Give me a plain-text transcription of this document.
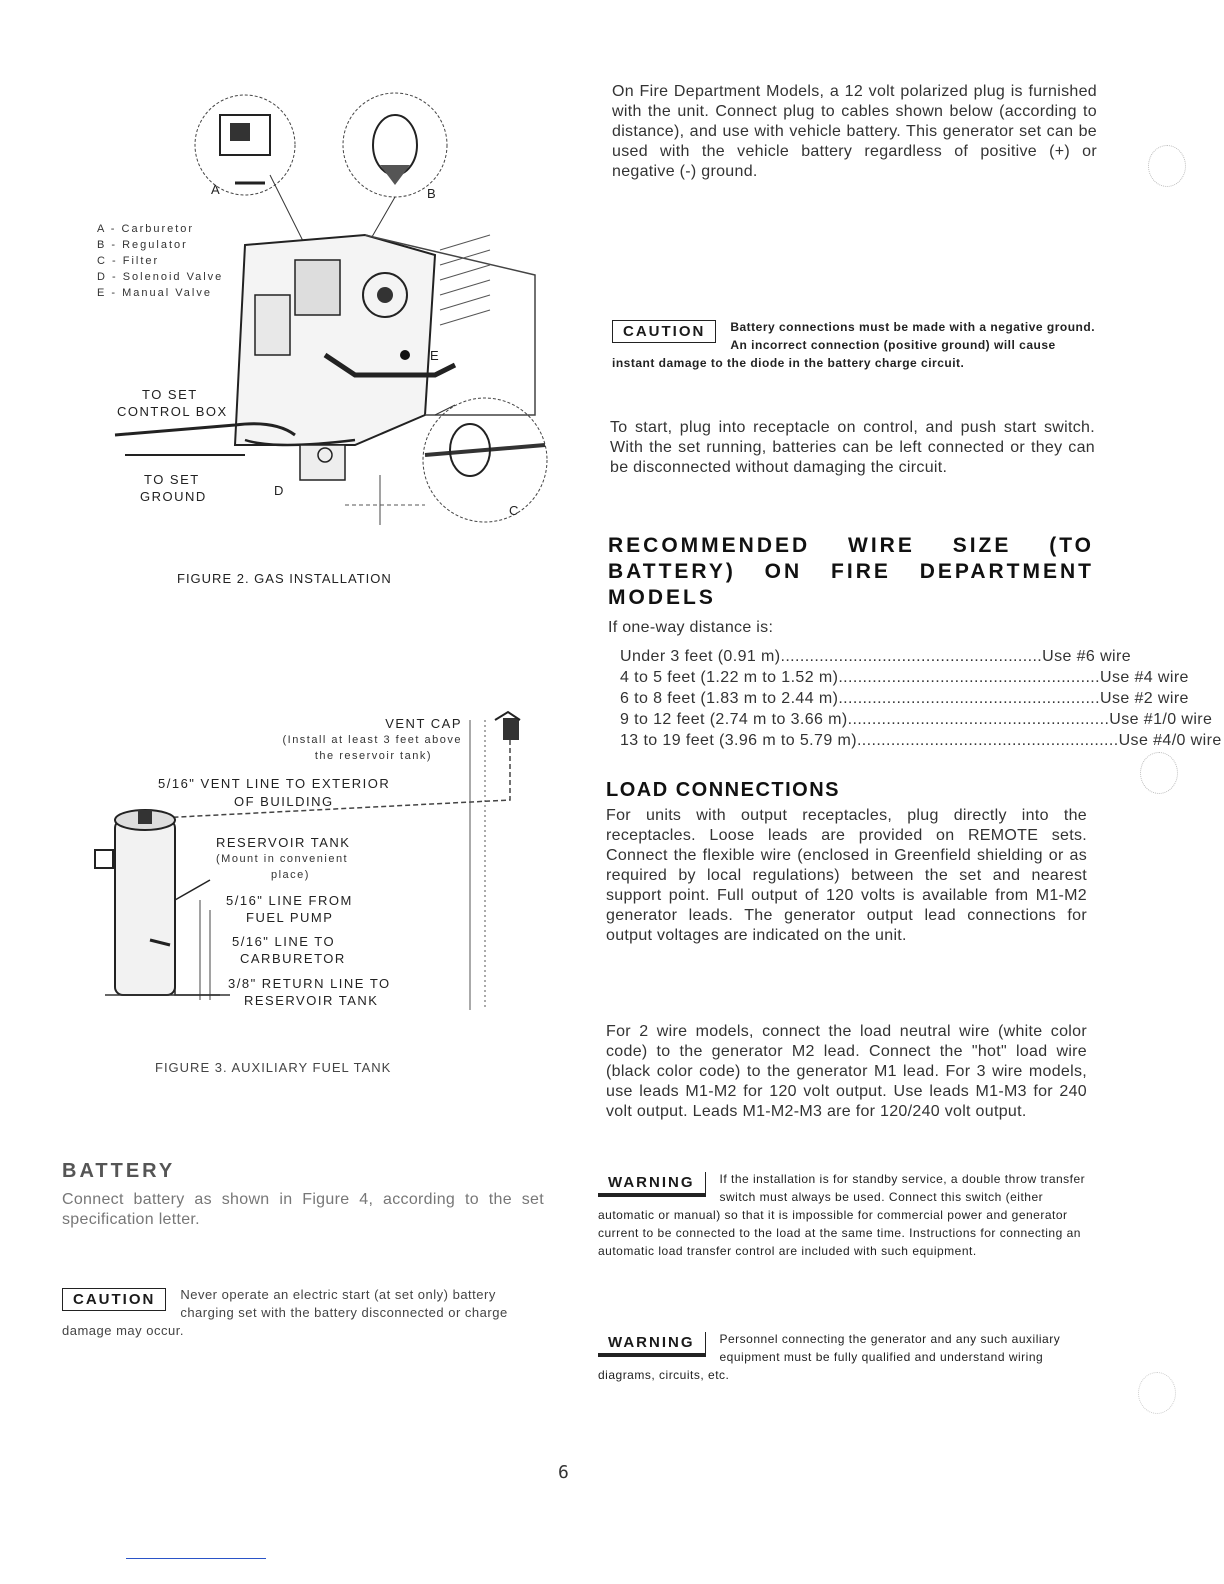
A - Carburetor
B - Regulator
C - Filter
D - Solenoid Valve
E - Manual Valve
A	B
E
D
C
TO SET
CONTROL BOX
TO SET
GROUND
FIGURE 2. GAS INSTALLATION
VENT CAP
(Install at least 3 feet above
the reservoir tank)
5/16" VENT LINE TO EXTERIOR
OF BUILDING
RESERVOIR TANK
(Mount in convenient
place)
5/16" LINE FROM
FUEL PUMP
5/16" LINE TO
CARBURETOR
3/8" RETURN LINE TO
RESERVOIR TANK
FIGURE 3. AUXILIARY FUEL TANK
BATTERY
Connect battery as shown in Figure 4, according to the set specification letter.
CAUTION	Never operate an electric start (at set only) battery charging set with the battery disconnected or charge damage may occur.
On Fire Department Models, a 12 volt polarized plug is furnished with the unit. Connect plug to cables shown below (according to distance), and use with vehicle battery. This generator set can be used with the vehicle battery regardless of positive (+) or negative (-) ground.
CAUTION	Battery connections must be made with a negative ground. An incorrect connection (positive ground) will cause instant damage to the diode in the battery charge circuit.
To start, plug into receptacle on control, and push start switch. With the set running, batteries can be left connected or they can be disconnected without damaging the circuit.
RECOMMENDED WIRE SIZE (TO BATTERY) ON FIRE DEPARTMENT MODELS
If one-way distance is:
Under 3 feet (0.91 m) ...................................................... Use #6 wire
4 to 5 feet (1.22 m to 1.52 m) ...................................................... Use #4 wire
6 to 8 feet (1.83 m to 2.44 m) ...................................................... Use #2 wire
9 to 12 feet (2.74 m to 3.66 m) ...................................................... Use #1/0 wire
13 to 19 feet (3.96 m to 5.79 m) ...................................................... Use #4/0 wire
LOAD CONNECTIONS
For units with output receptacles, plug directly into the receptacles. Loose leads are provided on REMOTE sets. Connect the flexible wire (enclosed in Greenfield shielding or as required by local regulations) between the set and nearest support point. Full output of 120 volts is available from M1-M2 generator leads. The generator output lead connections for output voltages are indicated on the unit.
For 2 wire models, connect the load neutral wire (white color code) to the generator M2 lead. Connect the "hot" load wire (black color code) to the generator M1 lead. For 3 wire models, use leads M1-M2 for 120 volt output. Use leads M1-M3 for 240 volt output. Leads M1-M2-M3 are for 120/240 volt output.
WARNING	If the installation is for standby service, a double throw transfer switch must always be used. Connect this switch (either automatic or manual) so that it is impossible for commercial power and generator current to be connected to the load at the same time. Instructions for connecting an automatic load transfer control are included with such equipment.
WARNING	Personnel connecting the generator and any such auxiliary equipment must be fully qualified and understand wiring diagrams, circuits, etc.
6
